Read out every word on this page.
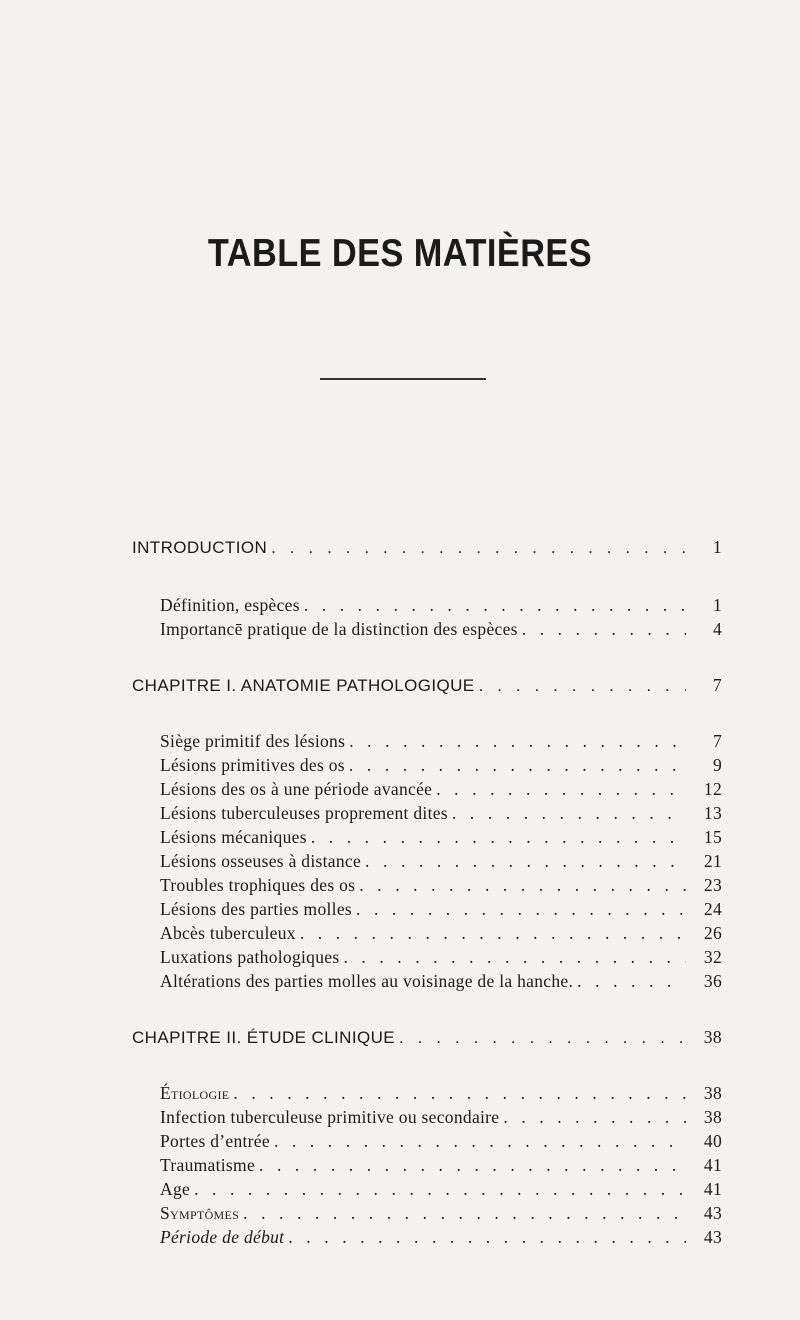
TABLE DES MATIÈRES
INTRODUCTION . . .	1
Définition, espèces . . .	1
Importancē pratique de la distinction des espèces . . .	4
CHAPITRE I. ANATOMIE PATHOLOGIQUE . . .	7
Siège primitif des lésions . . .	7
Lésions primitives des os . . .	9
Lésions des os à une période avancée . . .	12
Lésions tuberculeuses proprement dites . . .	13
Lésions mécaniques . . .	15
Lésions osseuses à distance . . .	21
Troubles trophiques des os . . .	23
Lésions des parties molles . . .	24
Abcès tuberculeux . . .	26
Luxations pathologiques . . .	32
Altérations des parties molles au voisinage de la hanche. . . .	36
CHAPITRE II. ÉTUDE CLINIQUE . . .	38
Étiologie . . .	38
Infection tuberculeuse primitive ou secondaire . . .	38
Portes d’entrée . . .	40
Traumatisme . . .	41
Age . . .	41
Symptômes . . .	43
Période de début . . .	43
